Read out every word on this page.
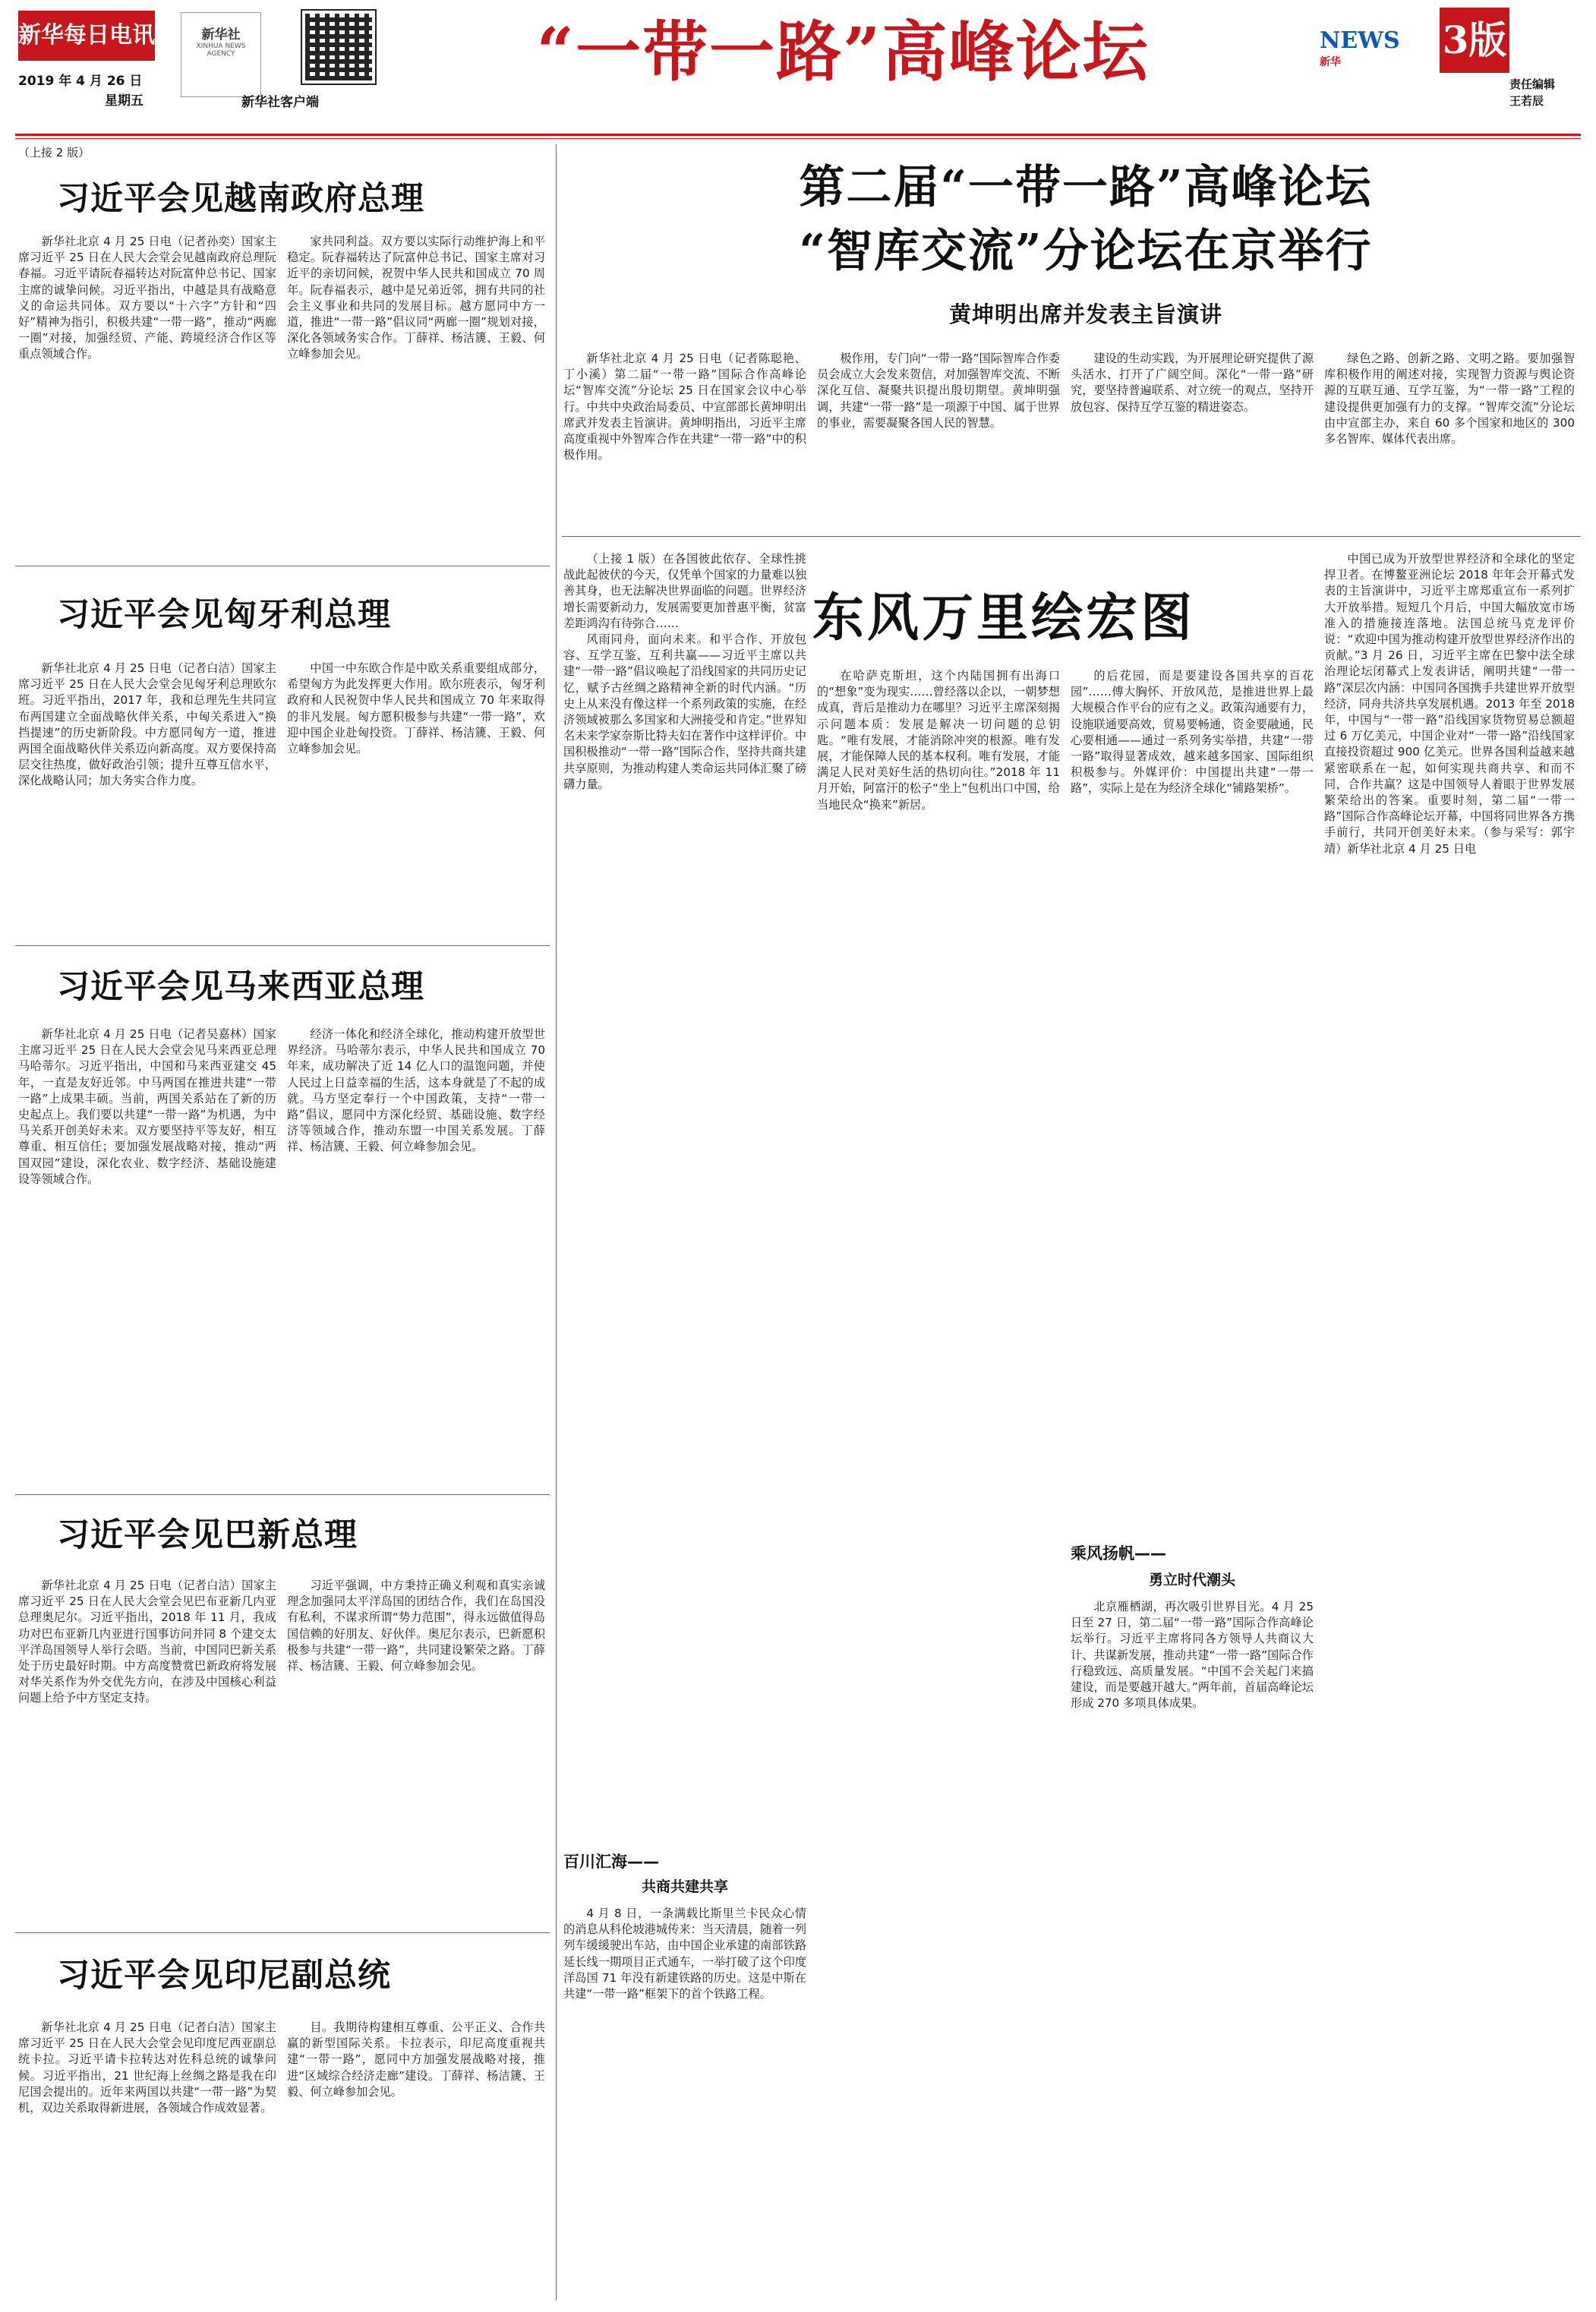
新华每日电讯
2019 年 4 月 26 日
星期五
新华社
XINHUA NEWS AGENCY
新华社客户端
“一带一路”高峰论坛	NEWS
新华	3版
责任编辑
王若辰
（上接 2 版）
习近平会见越南政府总理

新华社北京 4 月 25 日电（记者孙奕）国家主席习近平 25 日在人民大会堂会见越南政府总理阮春福。习近平请阮春福转达对阮富仲总书记、国家主席的诚挚问候。习近平指出，中越是具有战略意义的命运共同体。双方要以“十六字”方针和“四好”精神为指引，积极共建“一带一路”，推动“两廊一圈”对接，加强经贸、产能、跨境经济合作区等重点领域合作。

家共同利益。双方要以实际行动维护海上和平稳定。阮春福转达了阮富仲总书记、国家主席对习近平的亲切问候，祝贺中华人民共和国成立 70 周年。阮春福表示，越中是兄弟近邻，拥有共同的社会主义事业和共同的发展目标。越方愿同中方一道，推进“一带一路”倡议同“两廊一圈”规划对接，深化各领域务实合作。丁薛祥、杨洁篪、王毅、何立峰参加会见。

习近平会见匈牙利总理

新华社北京 4 月 25 日电（记者白洁）国家主席习近平 25 日在人民大会堂会见匈牙利总理欧尔班。习近平指出，2017 年，我和总理先生共同宣布两国建立全面战略伙伴关系，中匈关系进入“换挡提速”的历史新阶段。中方愿同匈方一道，推进两国全面战略伙伴关系迈向新高度。双方要保持高层交往热度，做好政治引领；提升互尊互信水平，深化战略认同；加大务实合作力度。

中国一中东欧合作是中欧关系重要组成部分，希望匈方为此发挥更大作用。欧尔班表示，匈牙利政府和人民祝贺中华人民共和国成立 70 年来取得的非凡发展。匈方愿积极参与共建“一带一路”，欢迎中国企业赴匈投资。丁薛祥、杨洁篪、王毅、何立峰参加会见。

习近平会见马来西亚总理

新华社北京 4 月 25 日电（记者吴嘉林）国家主席习近平 25 日在人民大会堂会见马来西亚总理马哈蒂尔。习近平指出，中国和马来西亚建交 45 年，一直是友好近邻。中马两国在推进共建“一带一路”上成果丰硕。当前，两国关系站在了新的历史起点上。我们要以共建“一带一路”为机遇，为中马关系开创美好未来。双方要坚持平等友好，相互尊重、相互信任；要加强发展战略对接，推动“两国双园”建设，深化农业、数字经济、基础设施建设等领域合作。

经济一体化和经济全球化，推动构建开放型世界经济。马哈蒂尔表示，中华人民共和国成立 70 年来，成功解决了近 14 亿人口的温饱问题，并使人民过上日益幸福的生活，这本身就是了不起的成就。马方坚定奉行一个中国政策，支持“一带一路”倡议，愿同中方深化经贸、基础设施、数字经济等领域合作，推动东盟一中国关系发展。丁薛祥、杨洁篪、王毅、何立峰参加会见。

习近平会见巴新总理

新华社北京 4 月 25 日电（记者白洁）国家主席习近平 25 日在人民大会堂会见巴布亚新几内亚总理奥尼尔。习近平指出，2018 年 11 月，我成功对巴布亚新几内亚进行国事访问并同 8 个建交太平洋岛国领导人举行会晤。当前，中国同巴新关系处于历史最好时期。中方高度赞赏巴新政府将发展对华关系作为外交优先方向，在涉及中国核心利益问题上给予中方坚定支持。

习近平强调，中方秉持正确义利观和真实亲诚理念加强同太平洋岛国的团结合作，我们在岛国没有私利，不谋求所谓“势力范围”，得永远做值得岛国信赖的好朋友、好伙伴。奥尼尔表示，巴新愿积极参与共建“一带一路”，共同建设繁荣之路。丁薛祥、杨洁篪、王毅、何立峰参加会见。

习近平会见印尼副总统

新华社北京 4 月 25 日电（记者白洁）国家主席习近平 25 日在人民大会堂会见印度尼西亚副总统卡拉。习近平请卡拉转达对佐科总统的诚挚问候。习近平指出，21 世纪海上丝绸之路是我在印尼国会提出的。近年来两国以共建“一带一路”为契机，双边关系取得新进展，各领域合作成效显著。

目。我期待构建相互尊重、公平正义、合作共赢的新型国际关系。卡拉表示，印尼高度重视共建“一带一路”，愿同中方加强发展战略对接，推进“区域综合经济走廊”建设。丁薛祥、杨洁篪、王毅、何立峰参加会见。

第二届“一带一路”高峰论坛
“智库交流”分论坛在京举行
黄坤明出席并发表主旨演讲

新华社北京 4 月 25 日电（记者陈聪艳、丁小溪）第二届“一带一路”国际合作高峰论坛“智库交流”分论坛 25 日在国家会议中心举行。中共中央政治局委员、中宣部部长黄坤明出席武并发表主旨演讲。黄坤明指出，习近平主席高度重视中外智库合作在共建“一带一路”中的积极作用。

极作用，专门向“一带一路”国际智库合作委员会成立大会发来贺信，对加强智库交流、不断深化互信、凝聚共识提出殷切期望。黄坤明强调，共建“一带一路”是一项源于中国、属于世界的事业，需要凝聚各国人民的智慧。

建设的生动实践，为开展理论研究提供了源头活水、打开了广阔空间。深化“一带一路”研究，要坚持普遍联系、对立统一的观点，坚持开放包容、保持互学互鉴的精进姿态。

绿色之路、创新之路、文明之路。要加强智库积极作用的阐述对接，实现智力资源与舆论资源的互联互通、互学互鉴，为“一带一路”工程的建设提供更加强有力的支撑。“智库交流”分论坛由中宣部主办，来自 60 多个国家和地区的 300 多名智库、媒体代表出席。

东风万里绘宏图

（上接 1 版）在各国彼此依存、全球性挑战此起彼伏的今天，仅凭单个国家的力量难以独善其身，也无法解决世界面临的问题。世界经济增长需要新动力，发展需要更加普惠平衡，贫富差距鸿沟有待弥合……

风雨同舟，面向未来。和平合作、开放包容、互学互鉴、互利共赢——习近平主席以共建“一带一路”倡议唤起了沿线国家的共同历史记忆，赋予古丝绸之路精神全新的时代内涵。“历史上从来没有像这样一个系列政策的实施，在经济领域被那么多国家和大洲接受和肯定。”世界知名未来学家奈斯比特夫妇在著作中这样评价。中国积极推动“一带一路”国际合作，坚持共商共建共享原则，为推动构建人类命运共同体汇聚了磅礴力量。

在哈萨克斯坦，这个内陆国拥有出海口的“想象”变为现实……曾经落以企以，一朝梦想成真，背后是推动力在哪里？习近平主席深刻揭示问题本质：发展是解决一切问题的总钥匙。“唯有发展，才能消除冲突的根源。唯有发展，才能保障人民的基本权利。唯有发展，才能满足人民对美好生活的热切向往。”2018 年 11 月开始，阿富汗的松子“坐上”包机出口中国，给当地民众“换来”新居。

的后花园，而是要建设各国共享的百花园”……傅大胸怀、开放风范，是推进世界上最大规模合作平台的应有之义。政策沟通要有力，设施联通要高效，贸易要畅通，资金要融通，民心要相通——通过一系列务实举措，共建“一带一路”取得显著成效，越来越多国家、国际组织积极参与。外媒评价：中国提出共建“一带一路”，实际上是在为经济全球化“铺路架桥”。

百川汇海——
共商共建共享

4 月 8 日，一条满载比斯里兰卡民众心情的消息从科伦坡港城传来：当天清晨，随着一列列车缓缓驶出车站，由中国企业承建的南部铁路延长线一期项目正式通车，一举打破了这个印度洋岛国 71 年没有新建铁路的历史。这是中斯在共建“一带一路”框架下的首个铁路工程。

乘风扬帆——
勇立时代潮头

北京雁栖湖，再次吸引世界目光。4 月 25 日至 27 日，第二届“一带一路”国际合作高峰论坛举行。习近平主席将同各方领导人共商议大计、共谋新发展，推动共建“一带一路”国际合作行稳致远、高质量发展。“中国不会关起门来搞建设，而是要越开越大。”两年前，首届高峰论坛形成 270 多项具体成果。

中国已成为开放型世界经济和全球化的坚定捍卫者。在博鳌亚洲论坛 2018 年年会开幕式发表的主旨演讲中，习近平主席郑重宣布一系列扩大开放举措。短短几个月后，中国大幅放宽市场准入的措施接连落地。法国总统马克龙评价说：“欢迎中国为推动构建开放型世界经济作出的贡献。”3 月 26 日，习近平主席在巴黎中法全球治理论坛闭幕式上发表讲话，阐明共建“一带一路”深层次内涵：中国同各国携手共建世界开放型经济，同舟共济共享发展机遇。2013 年至 2018 年，中国与“一带一路”沿线国家货物贸易总额超过 6 万亿美元，中国企业对“一带一路”沿线国家直接投资超过 900 亿美元。世界各国利益越来越紧密联系在一起，如何实现共商共享、和而不同，合作共赢？这是中国领导人着眼于世界发展繁荣给出的答案。重要时刻，第二届“一带一路”国际合作高峰论坛开幕，中国将同世界各方携手前行，共同开创美好未来。（参与采写：郭宇靖）新华社北京 4 月 25 日电
